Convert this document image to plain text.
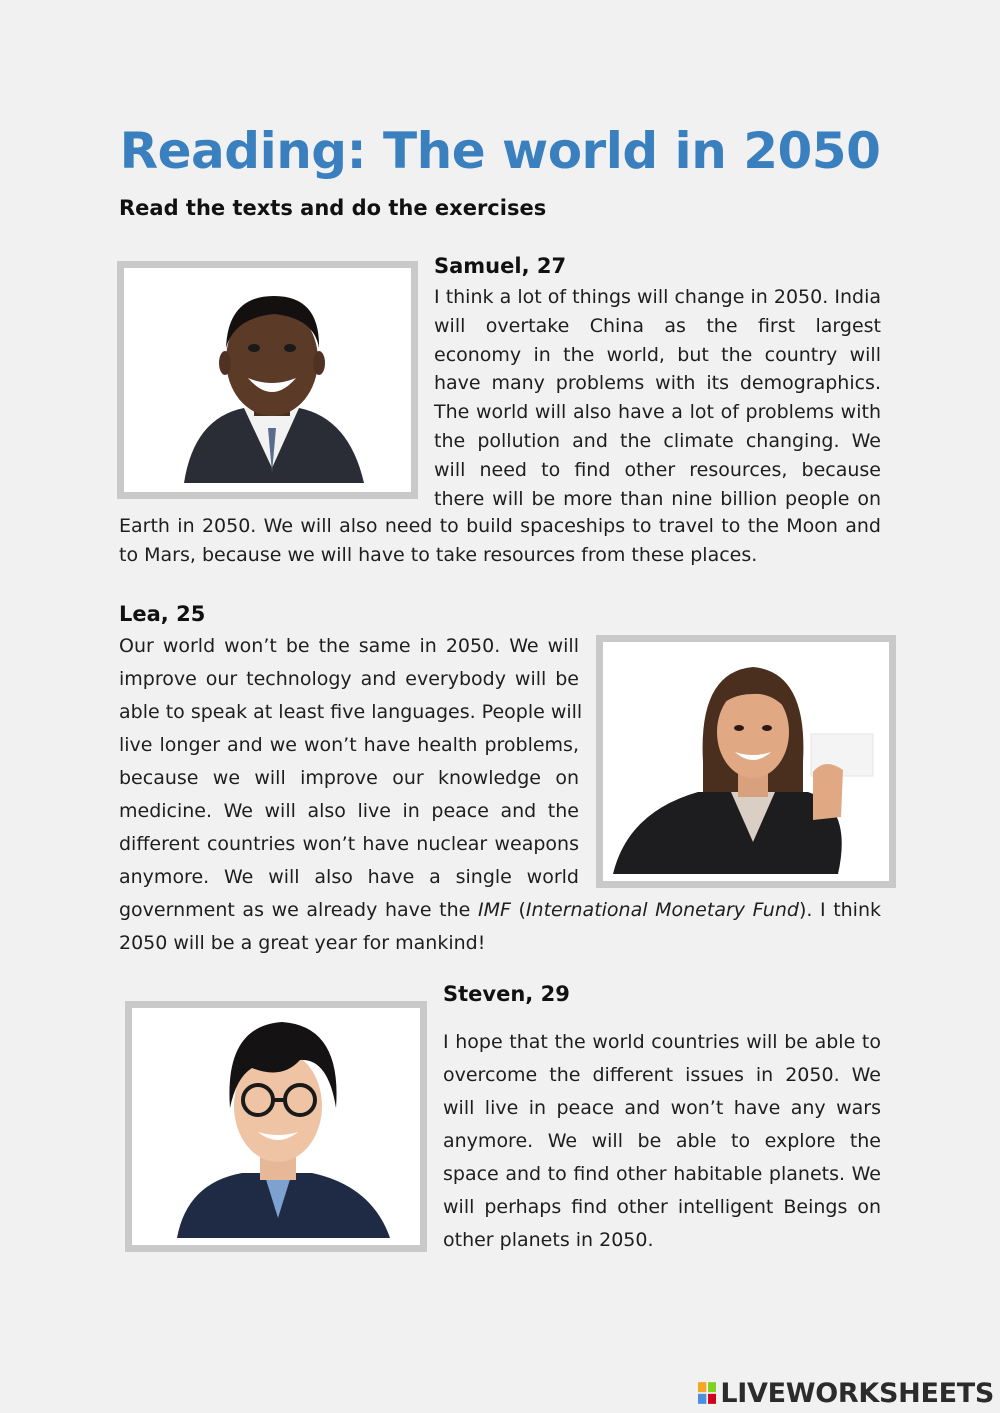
Reading: The world in 2050
Read the texts and do the exercises
Samuel, 27
I think a lot of things will change in 2050. India
will overtake China as the first largest
economy in the world, but the country will
have many problems with its demographics.
The world will also have a lot of problems with
the pollution and the climate changing. We
will need to find other resources, because
there will be more than nine billion people on
Earth in 2050. We will also need to build spaceships to travel to the Moon and
to Mars, because we will have to take resources from these places.
Lea, 25
Our world won’t be the same in 2050. We will
improve our technology and everybody will be
able to speak at least five languages. People will
live longer and we won’t have health problems,
because we will improve our knowledge on
medicine. We will also live in peace and the
different countries won’t have nuclear weapons
anymore. We will also have a single world
government as we already have the IMF (International Monetary Fund). I think
2050 will be a great year for mankind!
Steven, 29
I hope that the world countries will be able to
overcome the different issues in 2050. We
will live in peace and won’t have any wars
anymore. We will be able to explore the
space and to find other habitable planets. We
will perhaps find other intelligent Beings on
other planets in 2050.
LIVEWORKSHEETS
